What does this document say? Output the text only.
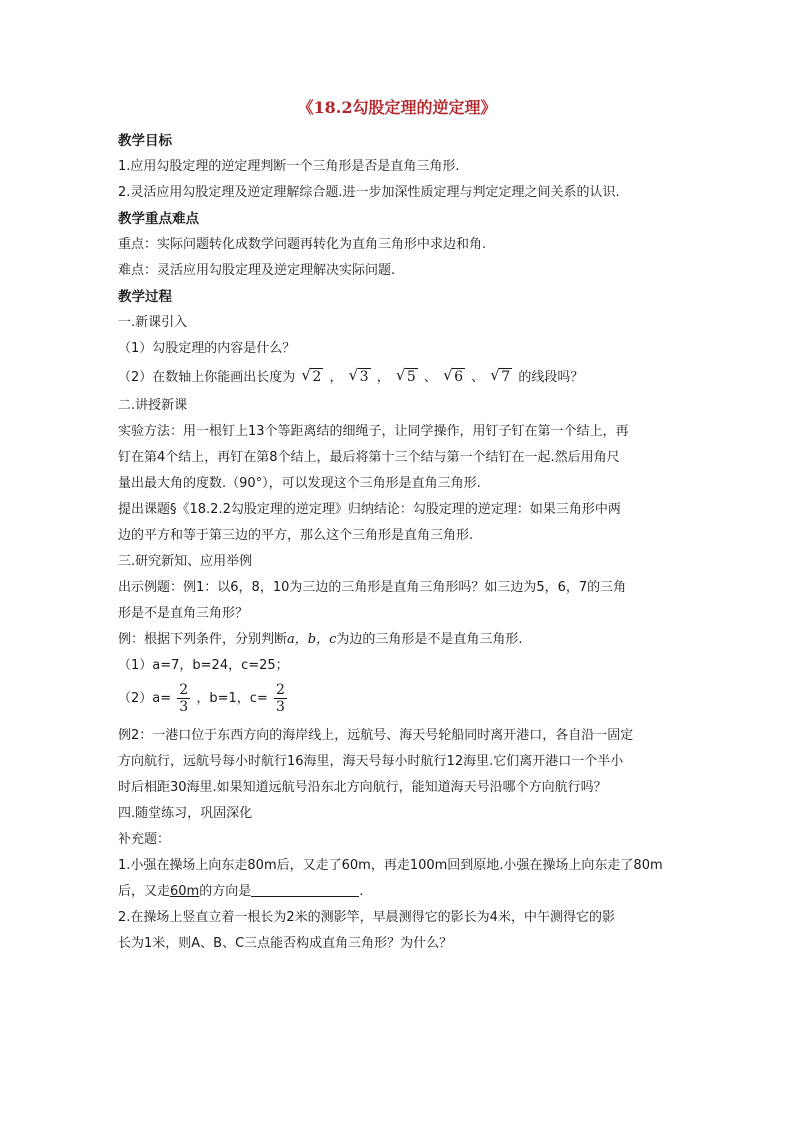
《18.2勾股定理的逆定理》
教学目标
1.应用勾股定理的逆定理判断一个三角形是否是直角三角形.
2.灵活应用勾股定理及逆定理解综合题.进一步加深性质定理与判定定理之间关系的认识.
教学重点难点
重点：实际问题转化成数学问题再转化为直角三角形中求边和角.
难点：灵活应用勾股定理及逆定理解决实际问题.
教学过程
一.新课引入
（1）勾股定理的内容是什么？
（2）在数轴上你能画出长度为 √ 2 ， √ 3 ， √ 5 、 √ 6 、 √ 7 的线段吗？
二.讲授新课
实验方法：用一根钉上13个等距离结的细绳子，让同学操作，用钉子钉在第一个结上，再
钉在第4个结上，再钉在第8个结上，最后将第十三个结与第一个结钉在一起.然后用角尺
量出最大角的度数.（90°），可以发现这个三角形是直角三角形.
提出课题§《18.2.2勾股定理的逆定理》归纳结论：勾股定理的逆定理：如果三角形中两
边的平方和等于第三边的平方，那么这个三角形是直角三角形.
三.研究新知、应用举例
出示例题：例1：以6，8，10为三边的三角形是直角三角形吗？如三边为5，6，7的三角
形是不是直角三角形？
例：根据下列条件，分别判断a，b，c为边的三角形是不是直角三角形.
（1）a=7，b=24，c=25；
$(2)a= \frac{2}{3}$ ，b=1，$c= \frac{2}{3}$
例2：一港口位于东西方向的海岸线上，远航号、海天号轮船同时离开港口，各自沿一固定
方向航行，远航号每小时航行16海里，海天号每小时航行12海里.它们离开港口一个半小
时后相距30海里.如果知道远航号沿东北方向航行，能知道海天号沿哪个方向航行吗？
四.随堂练习，巩固深化
补充题：
1.小强在操场上向东走80m后，又走了60m，再走100m回到原地.小强在操场上向东走了80m
后，又走60m的方向是	.
2.在操场上竖直立着一根长为2米的测影竿，早晨测得它的影长为4米，中午测得它的影
长为1米，则A、B、C三点能否构成直角三角形？为什么？
